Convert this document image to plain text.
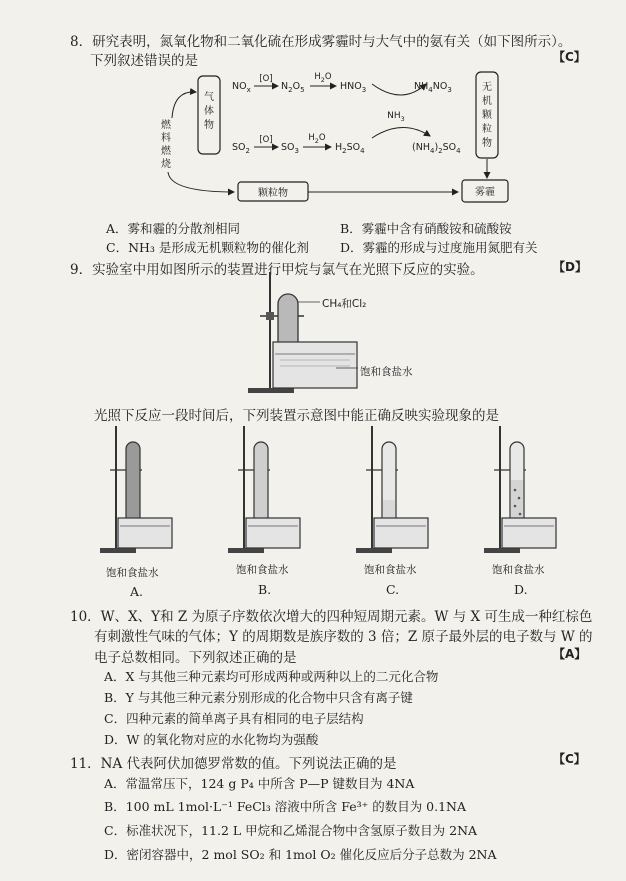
8．研究表明，氮氧化物和二氧化硫在形成雾霾时与大气中的氨有关（如下图所示）。
下列叙述错误的是	【C】
气
体
物
燃
料
燃
烧
$NO_x$
[O]
$N_2O_5$
$H_2O$
$HNO_3$	$NH_4NO_3$
$NH_3$
$SO_2$
[O]
$SO_3$
$H_2O$
$H_2SO_4$	$(NH_4)_2SO_4$
无
机
颗
粒
物
颗粒物	雾霾
A．雾和霾的分散剂相同	B．雾霾中含有硝酸铵和硫酸铵
C．NH₃ 是形成无机颗粒物的催化剂 D．雾霾的形成与过度施用氮肥有关
9．实验室中用如图所示的装置进行甲烷与氯气在光照下反应的实验。	【D】
CH₄和Cl₂
饱和食盐水
光照下反应一段时间后，下列装置示意图中能正确反映实验现象的是
饱和食盐水	饱和食盐水	饱和食盐水	饱和食盐水
A.	B.	C.	D.
10．W、X、Y和 Z 为原子序数依次增大的四种短周期元素。W 与 X 可生成一种红棕色
有刺激性气味的气体；Y 的周期数是族序数的 3 倍；Z 原子最外层的电子数与 W 的
电子总数相同。下列叙述正确的是	【A】
A．X 与其他三种元素均可形成两种或两种以上的二元化合物
B．Y 与其他三种元素分别形成的化合物中只含有离子键
C．四种元素的简单离子具有相同的电子层结构
D．W 的氧化物对应的水化物均为强酸
11．NA 代表阿伏加德罗常数的值。下列说法正确的是	【C】
A．常温常压下，124 g P₄ 中所含 P—P 键数目为 4NA
B．100 mL 1mol·L⁻¹ FeCl₃ 溶液中所含 Fe³⁺ 的数目为 0.1NA
C．标准状况下，11.2 L 甲烷和乙烯混合物中含氢原子数目为 2NA
D．密闭容器中，2 mol SO₂ 和 1mol O₂ 催化反应后分子总数为 2NA
